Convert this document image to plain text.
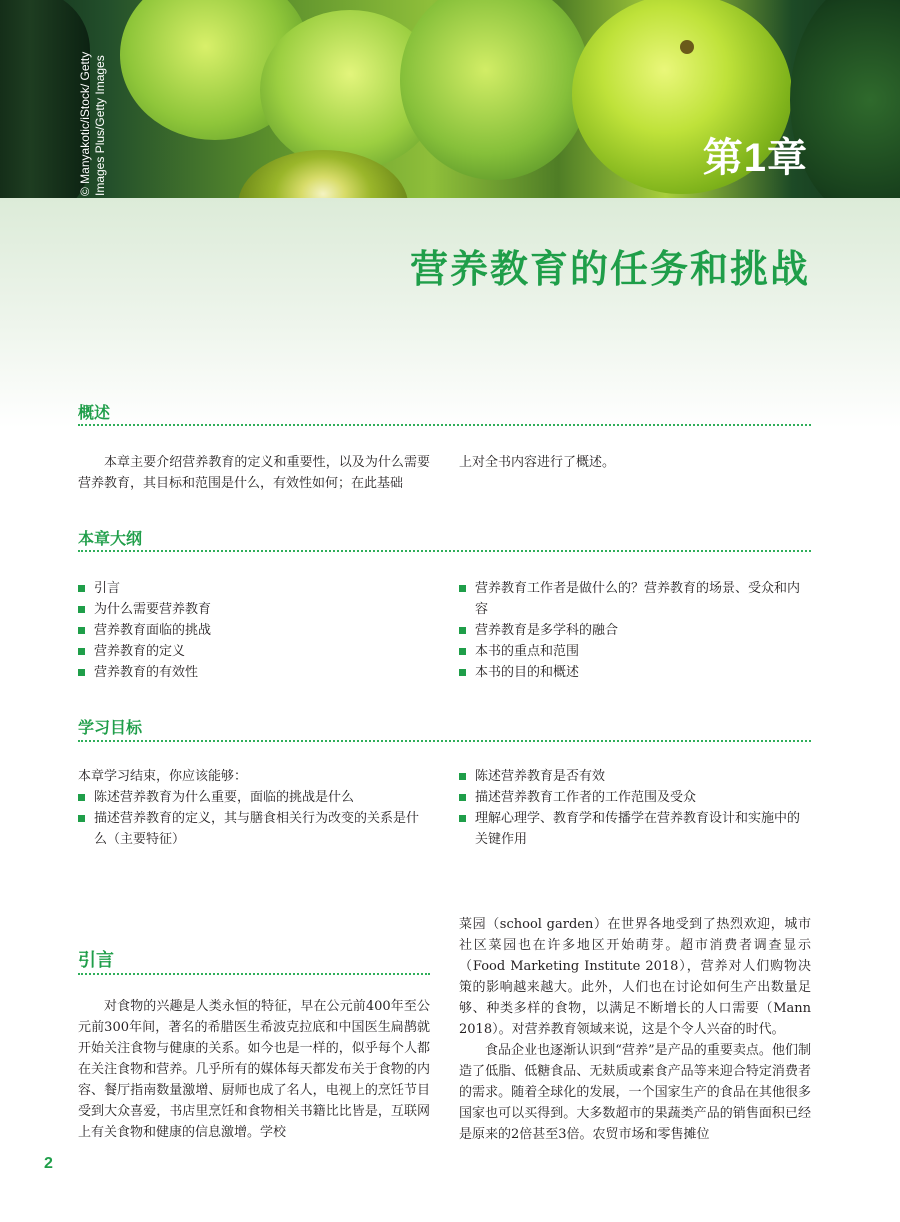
第1章
© Manyakotic/iStock/ Getty Images Plus/Getty Images
营养教育的任务和挑战
概述

本章主要介绍营养教育的定义和重要性，以及为什么需要营养教育，其目标和范围是什么，有效性如何；在此基础

上对全书内容进行了概述。

本章大纲
引言
为什么需要营养教育
营养教育面临的挑战
营养教育的定义
营养教育的有效性
营养教育工作者是做什么的？营养教育的场景、受众和内容
营养教育是多学科的融合
本书的重点和范围
本书的目的和概述
学习目标

本章学习结束，你应该能够：

陈述营养教育为什么重要，面临的挑战是什么
描述营养教育的定义，其与膳食相关行为改变的关系是什么（主要特征）
陈述营养教育是否有效
描述营养教育工作者的工作范围及受众
理解心理学、教育学和传播学在营养教育设计和实施中的关键作用
引言

对食物的兴趣是人类永恒的特征，早在公元前400年至公元前300年间，著名的希腊医生希波克拉底和中国医生扁鹊就开始关注食物与健康的关系。如今也是一样的，似乎每个人都在关注食物和营养。几乎所有的媒体每天都发布关于食物的内容、餐厅指南数量激增、厨师也成了名人，电视上的烹饪节目受到大众喜爱，书店里烹饪和食物相关书籍比比皆是，互联网上有关食物和健康的信息激增。学校

菜园（school garden）在世界各地受到了热烈欢迎，城市社区菜园也在许多地区开始萌芽。超市消费者调查显示（Food Marketing Institute 2018），营养对人们购物决策的影响越来越大。此外，人们也在讨论如何生产出数量足够、种类多样的食物，以满足不断增长的人口需要（Mann 2018）。对营养教育领域来说，这是个令人兴奋的时代。

食品企业也逐渐认识到“营养”是产品的重要卖点。他们制造了低脂、低糖食品、无麸质或素食产品等来迎合特定消费者的需求。随着全球化的发展，一个国家生产的食品在其他很多国家也可以买得到。大多数超市的果蔬类产品的销售面积已经是原来的2倍甚至3倍。农贸市场和零售摊位

2
